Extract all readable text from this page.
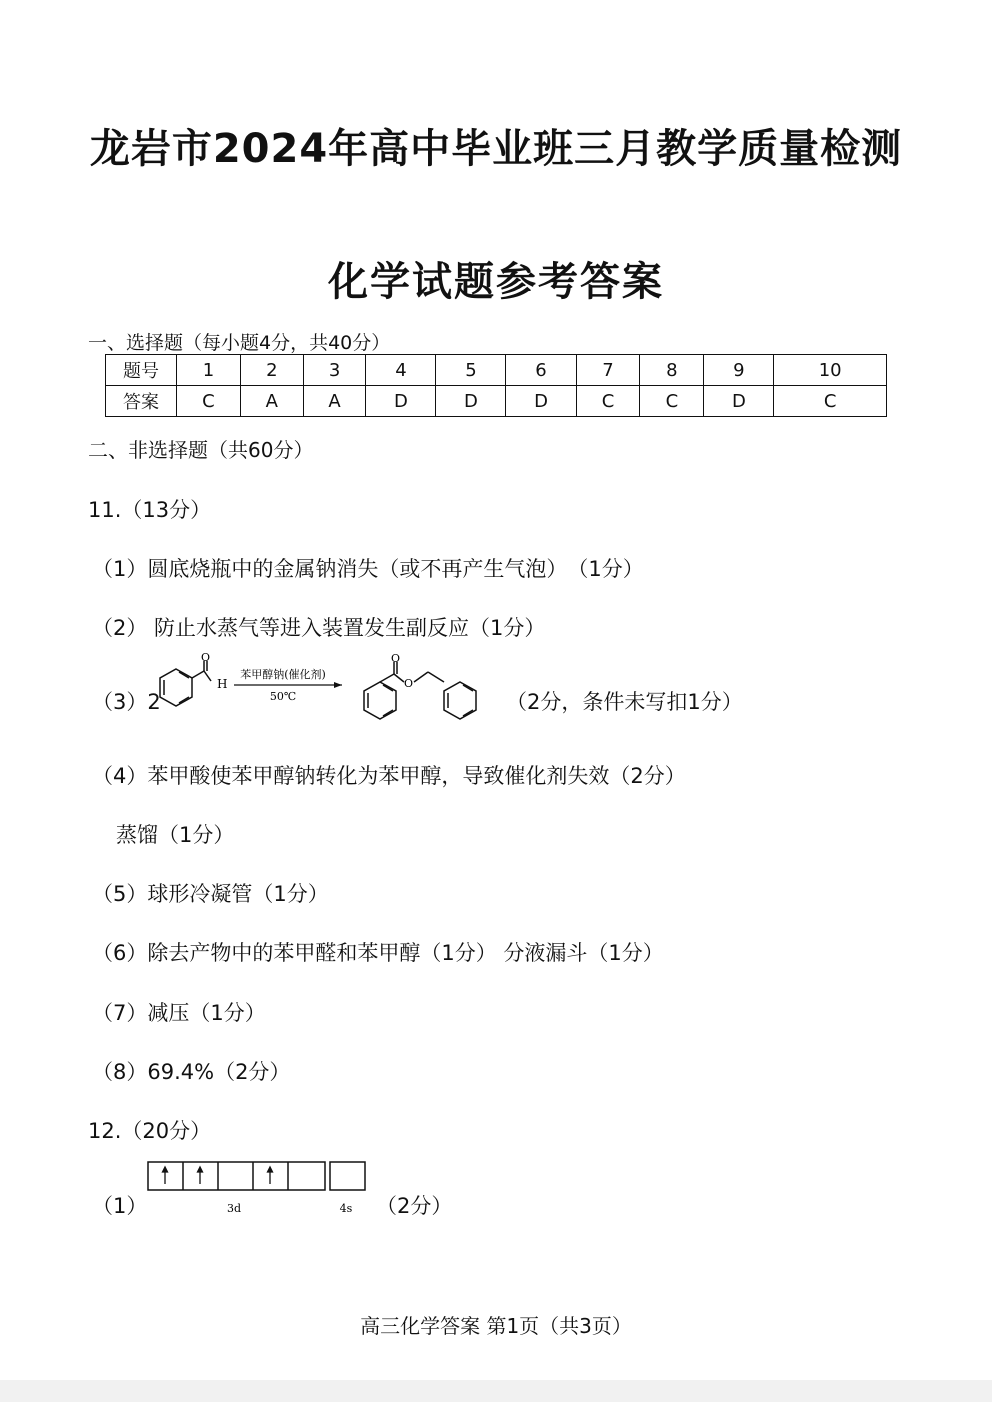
龙岩市2024年高中毕业班三月教学质量检测
化学试题参考答案
一、选择题（每小题4分，共40分）
题号	1	2	3	4	5	6	7	8	9	10
答案	C	A	A	D	D	D	C	C	D	C
二、非选择题（共60分）
11.（13分）
（1）圆底烧瓶中的金属钠消失（或不再产生气泡）　（1分）
（2） 防止水蒸气等进入装置发生副反应（1分）
（3）2
O
H
苯甲醇钠(催化剂)
50℃
O
O
（2分，条件未写扣1分）
（4）苯甲酸使苯甲醇钠转化为苯甲醇，导致催化剂失效（2分）
蒸馏（1分）
（5）球形冷凝管（1分）
（6）除去产物中的苯甲醛和苯甲醇（1分） 分液漏斗（1分）
（7）减压（1分）
（8）69.4%（2分）
12.（20分）
（1）	3d	4s （2分）
高三化学答案 第1页（共3页）
